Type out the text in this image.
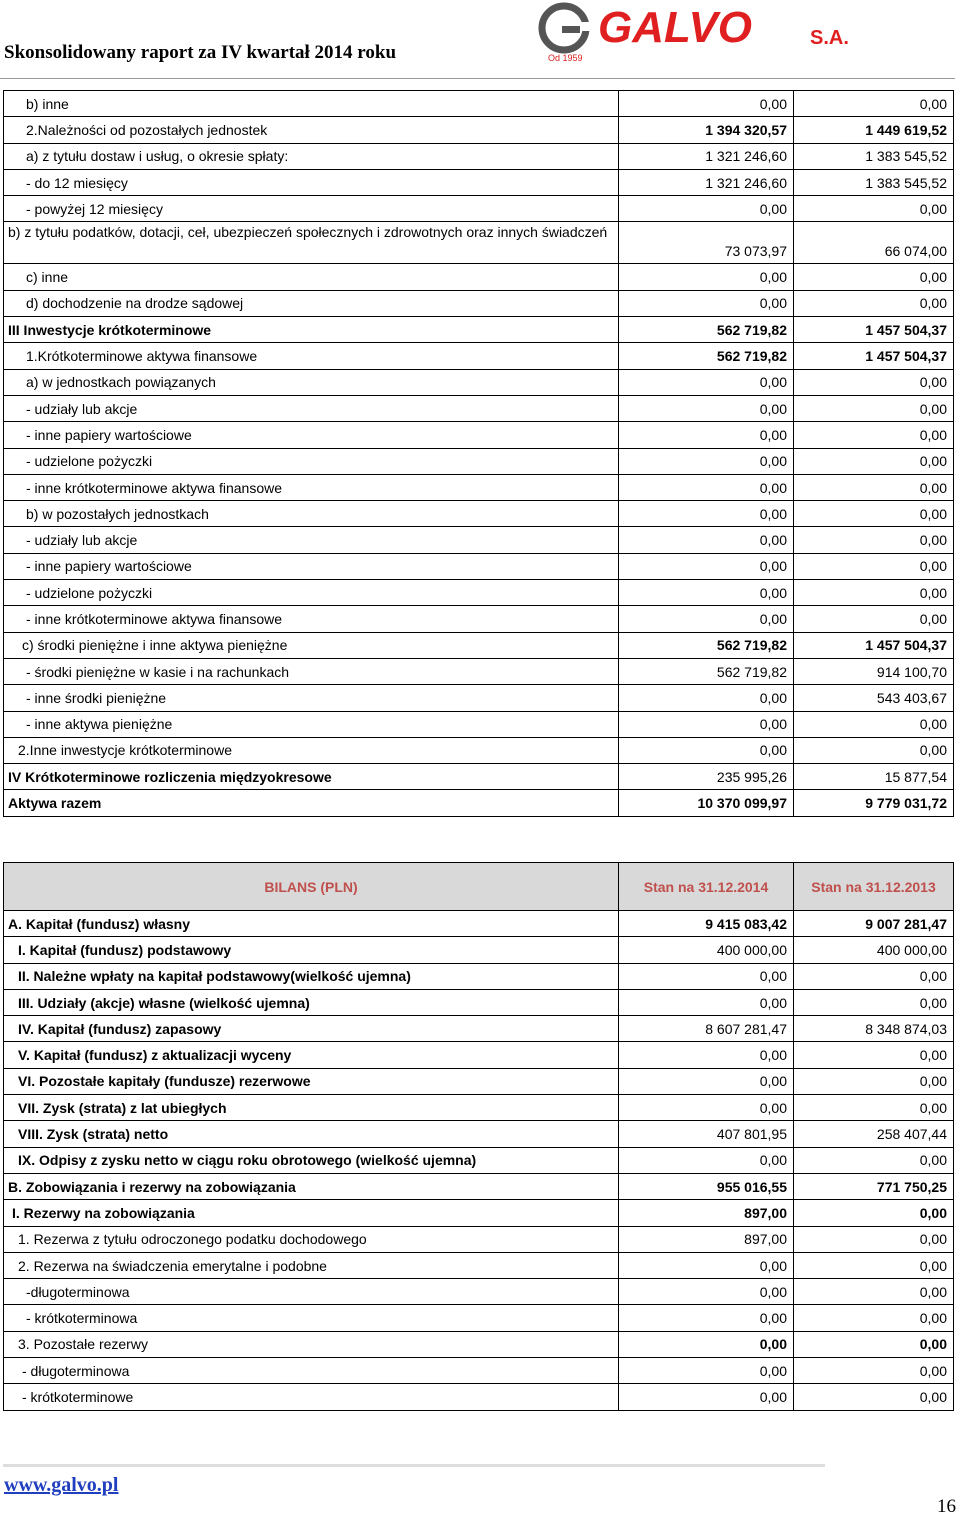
Skonsolidowany raport za IV kwartał 2014 roku
GALVO	S.A.
Od 1959
b) inne	0,00	0,00
2.Należności od pozostałych jednostek	1 394 320,57	1 449 619,52
a) z tytułu dostaw i usług, o okresie spłaty:	1 321 246,60	1 383 545,52
- do 12 miesięcy	1 321 246,60	1 383 545,52
- powyżej 12 miesięcy	0,00	0,00
b) z tytułu podatków, dotacji, ceł, ubezpieczeń społecznych i zdrowotnych oraz innych świadczeń	73 073,97	66 074,00
c) inne	0,00	0,00
d) dochodzenie na drodze sądowej	0,00	0,00
III Inwestycje krótkoterminowe	562 719,82	1 457 504,37
1.Krótkoterminowe aktywa finansowe	562 719,82	1 457 504,37
a) w jednostkach powiązanych	0,00	0,00
- udziały lub akcje	0,00	0,00
- inne papiery wartościowe	0,00	0,00
- udzielone pożyczki	0,00	0,00
- inne krótkoterminowe aktywa finansowe	0,00	0,00
b) w pozostałych jednostkach	0,00	0,00
- udziały lub akcje	0,00	0,00
- inne papiery wartościowe	0,00	0,00
- udzielone pożyczki	0,00	0,00
- inne krótkoterminowe aktywa finansowe	0,00	0,00
c) środki pieniężne i inne aktywa pieniężne	562 719,82	1 457 504,37
- środki pieniężne w kasie i na rachunkach	562 719,82	914 100,70
- inne środki pieniężne	0,00	543 403,67
- inne aktywa pieniężne	0,00	0,00
2.Inne inwestycje krótkoterminowe	0,00	0,00
IV Krótkoterminowe rozliczenia międzyokresowe	235 995,26	15 877,54
Aktywa razem	10 370 099,97	9 779 031,72
BILANS (PLN)	Stan na 31.12.2014	Stan na 31.12.2013
A. Kapitał (fundusz) własny	9 415 083,42	9 007 281,47
I. Kapitał (fundusz) podstawowy	400 000,00	400 000,00
II. Należne wpłaty na kapitał podstawowy(wielkość ujemna)	0,00	0,00
III. Udziały (akcje) własne (wielkość ujemna)	0,00	0,00
IV. Kapitał (fundusz) zapasowy	8 607 281,47	8 348 874,03
V. Kapitał (fundusz) z aktualizacji wyceny	0,00	0,00
VI. Pozostałe kapitały (fundusze) rezerwowe	0,00	0,00
VII. Zysk (strata) z lat ubiegłych	0,00	0,00
VIII. Zysk (strata) netto	407 801,95	258 407,44
IX. Odpisy z zysku netto w ciągu roku obrotowego (wielkość ujemna)	0,00	0,00
B. Zobowiązania i rezerwy na zobowiązania	955 016,55	771 750,25
I. Rezerwy na zobowiązania	897,00	0,00
1. Rezerwa z tytułu odroczonego podatku dochodowego	897,00	0,00
2. Rezerwa na świadczenia emerytalne i podobne	0,00	0,00
-długoterminowa	0,00	0,00
- krótkoterminowa	0,00	0,00
3. Pozostałe rezerwy	0,00	0,00
- długoterminowa	0,00	0,00
- krótkoterminowe	0,00	0,00
www.galvo.pl
16
